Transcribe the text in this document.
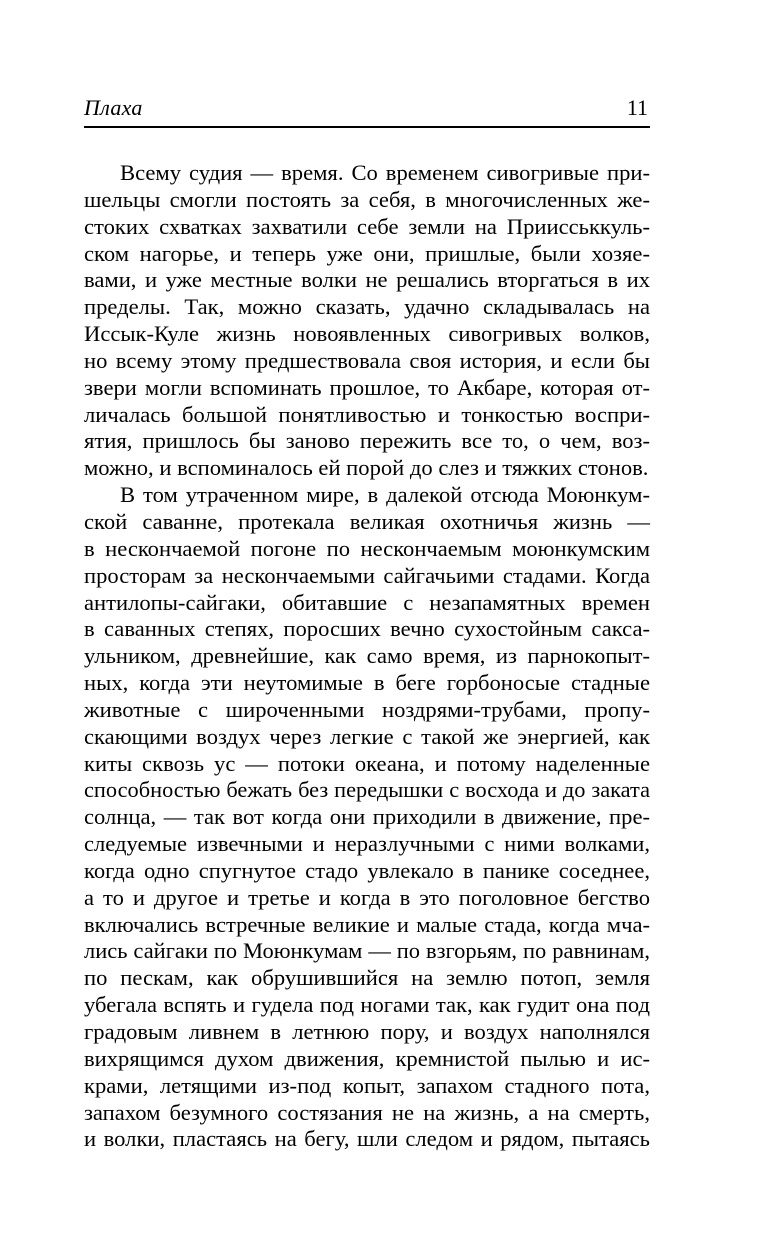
Плаха	11
Всему судия — время. Со временем сивогривые при-
шельцы смогли постоять за себя, в многочисленных же-
стоких схватках захватили себе земли на Приисськкуль-
ском нагорье, и теперь уже они, пришлые, были хозяе-
вами, и уже местные волки не решались вторгаться в их
пределы. Так, можно сказать, удачно складывалась на
Иссык-Куле жизнь новоявленных сивогривых волков,
но всему этому предшествовала своя история, и если бы
звери могли вспоминать прошлое, то Акбаре, которая от-
личалась большой понятливостью и тонкостью воспри-
ятия, пришлось бы заново пережить все то, о чем, воз-
можно, и вспоминалось ей порой до слез и тяжких стонов.
В том утраченном мире, в далекой отсюда Моюнкум-
ской саванне, протекала великая охотничья жизнь —
в нескончаемой погоне по нескончаемым моюнкумским
просторам за нескончаемыми сайгачьими стадами. Когда
антилопы-сайгаки, обитавшие с незапамятных времен
в саванных степях, поросших вечно сухостойным сакса-
ульником, древнейшие, как само время, из парнокопыт-
ных, когда эти неутомимые в беге горбоносые стадные
животные с широченными ноздрями-трубами, пропу-
скающими воздух через легкие с такой же энергией, как
киты сквозь ус — потоки океана, и потому наделенные
способностью бежать без передышки с восхода и до заката
солнца, — так вот когда они приходили в движение, пре-
следуемые извечными и неразлучными с ними волками,
когда одно спугнутое стадо увлекало в панике соседнее,
а то и другое и третье и когда в это поголовное бегство
включались встречные великие и малые стада, когда мча-
лись сайгаки по Моюнкумам — по взгорьям, по равнинам,
по пескам, как обрушившийся на землю потоп, земля
убегала вспять и гудела под ногами так, как гудит она под
градовым ливнем в летнюю пору, и воздух наполнялся
вихрящимся духом движения, кремнистой пылью и ис-
крами, летящими из-под копыт, запахом стадного пота,
запахом безумного состязания не на жизнь, а на смерть,
и волки, пластаясь на бегу, шли следом и рядом, пытаясь
